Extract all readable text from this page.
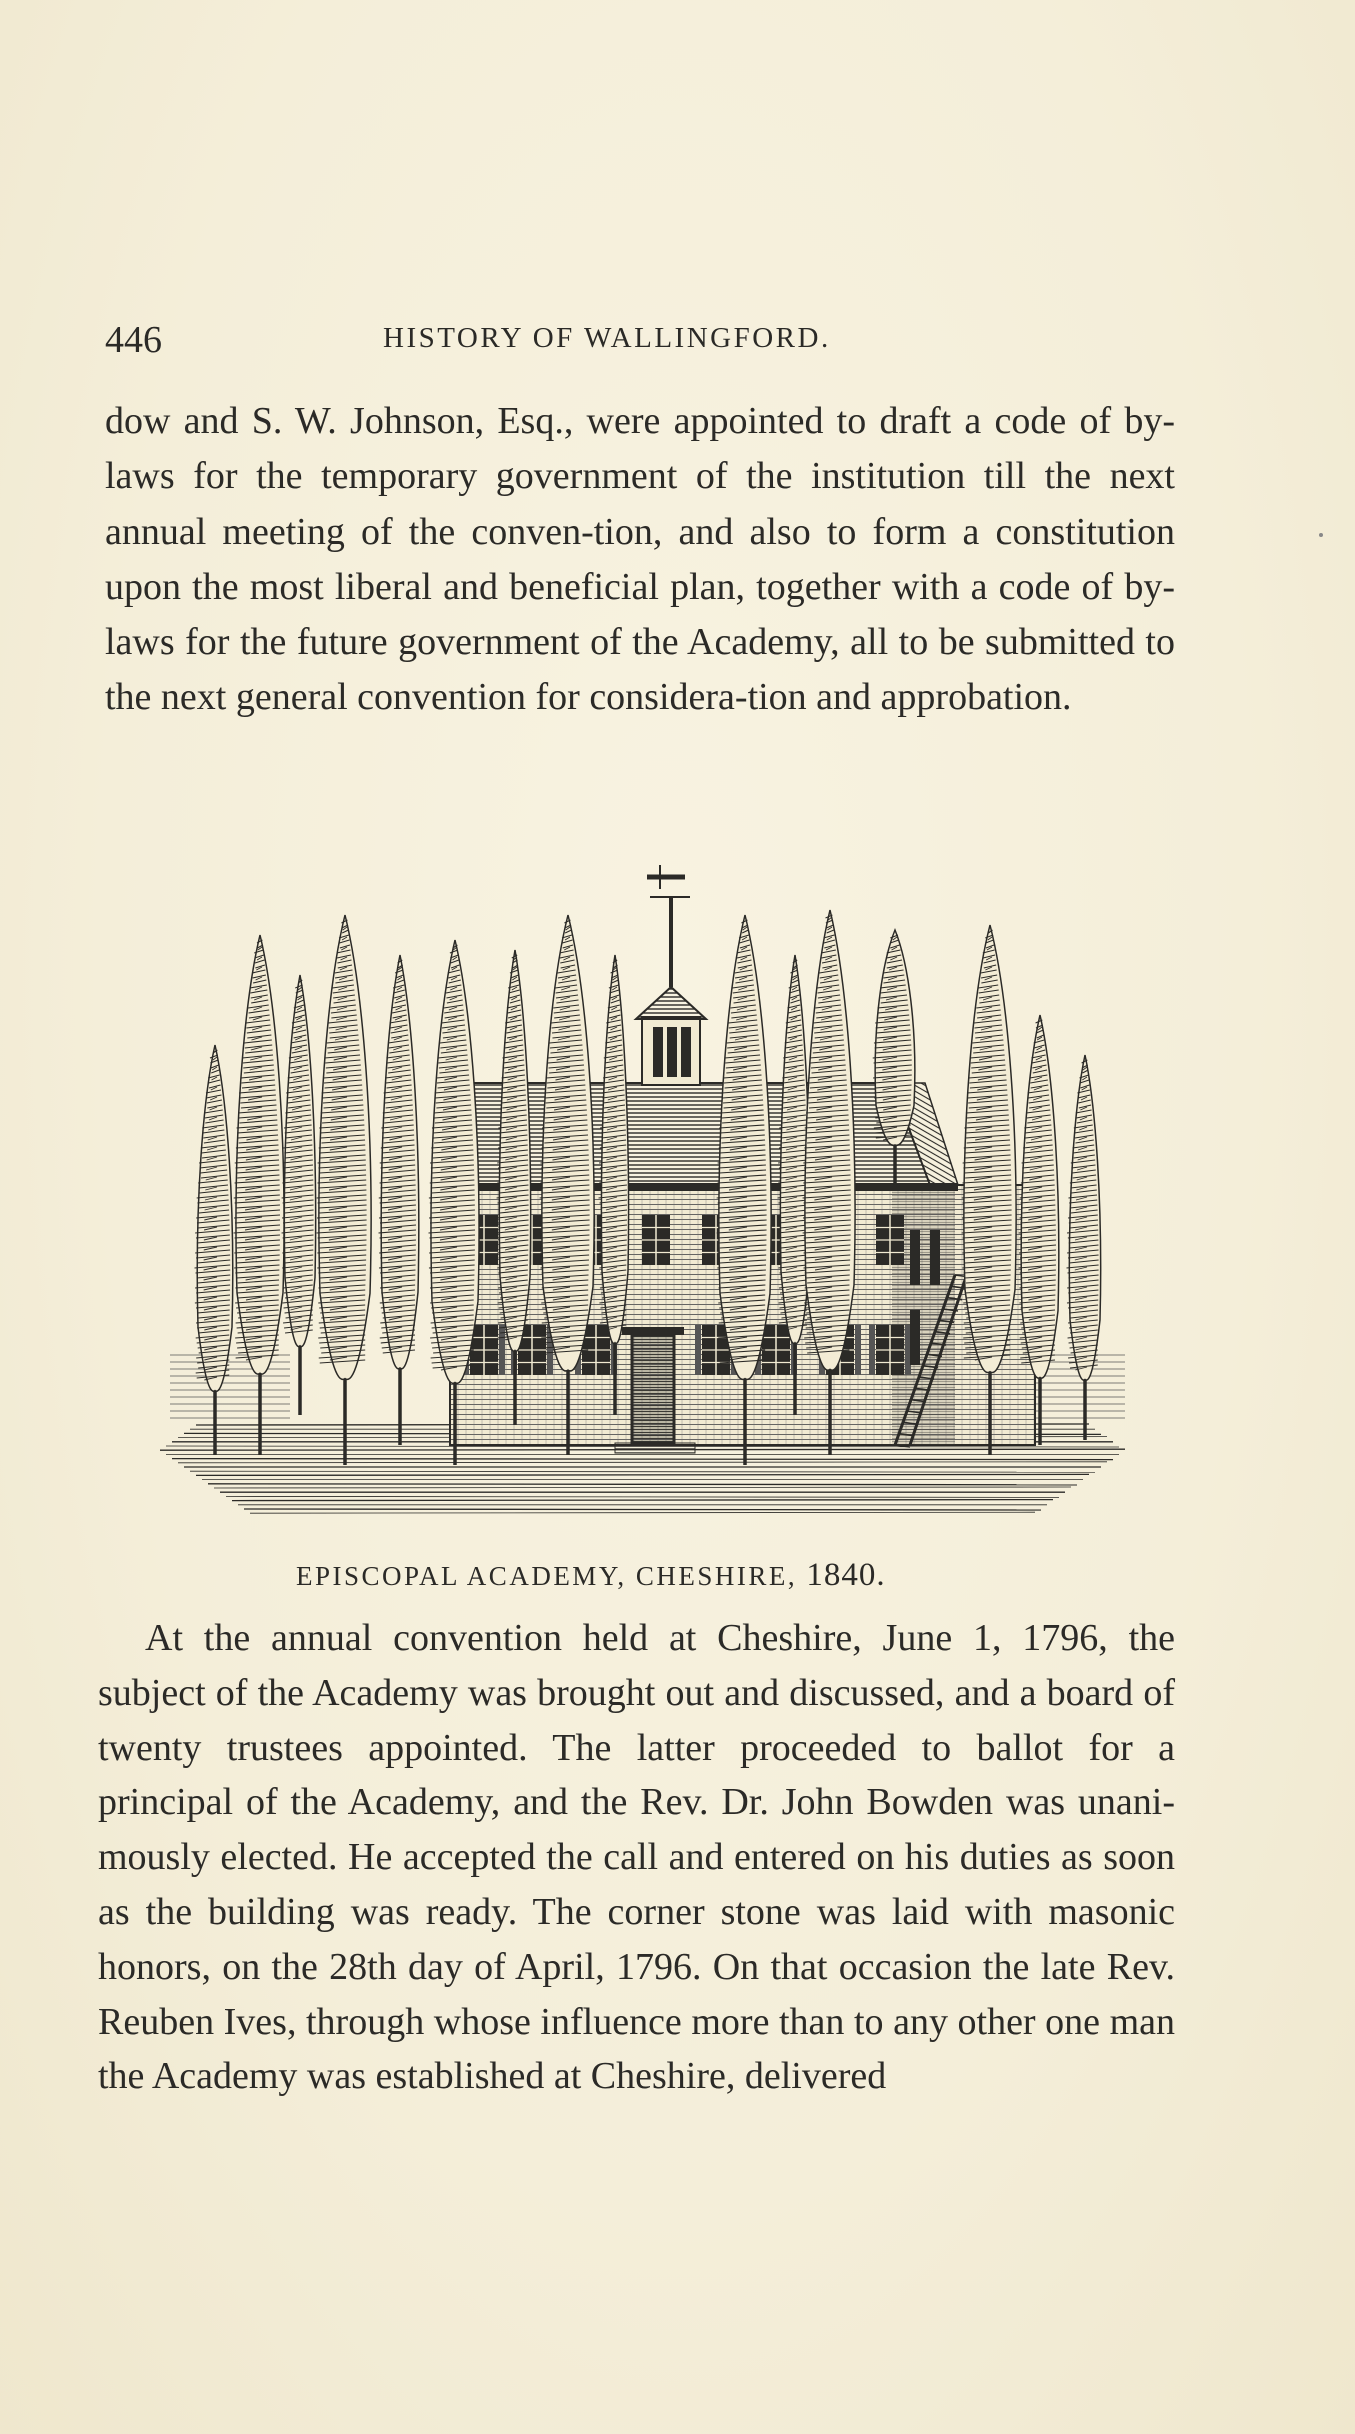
446	HISTORY OF WALLINGFORD.

dow and S. W. Johnson, Esq., were appointed to draft a code of by-laws for the temporary government of the institution till the next annual meeting of the conven-tion, and also to form a constitution upon the most liberal and beneficial plan, together with a code of by-laws for the future government of the Academy, all to be submitted to the next general convention for considera-tion and approbation.

EPISCOPAL ACADEMY, CHESHIRE, 1840.

At the annual convention held at Cheshire, June 1, 1796, the subject of the Academy was brought out and discussed, and a board of twenty trustees appointed. The latter proceeded to ballot for a principal of the Academy, and the Rev. Dr. John Bowden was unani-mously elected. He accepted the call and entered on his duties as soon as the building was ready. The corner stone was laid with masonic honors, on the 28th day of April, 1796. On that occasion the late Rev. Reuben Ives, through whose influence more than to any other one man the Academy was established at Cheshire, delivered
